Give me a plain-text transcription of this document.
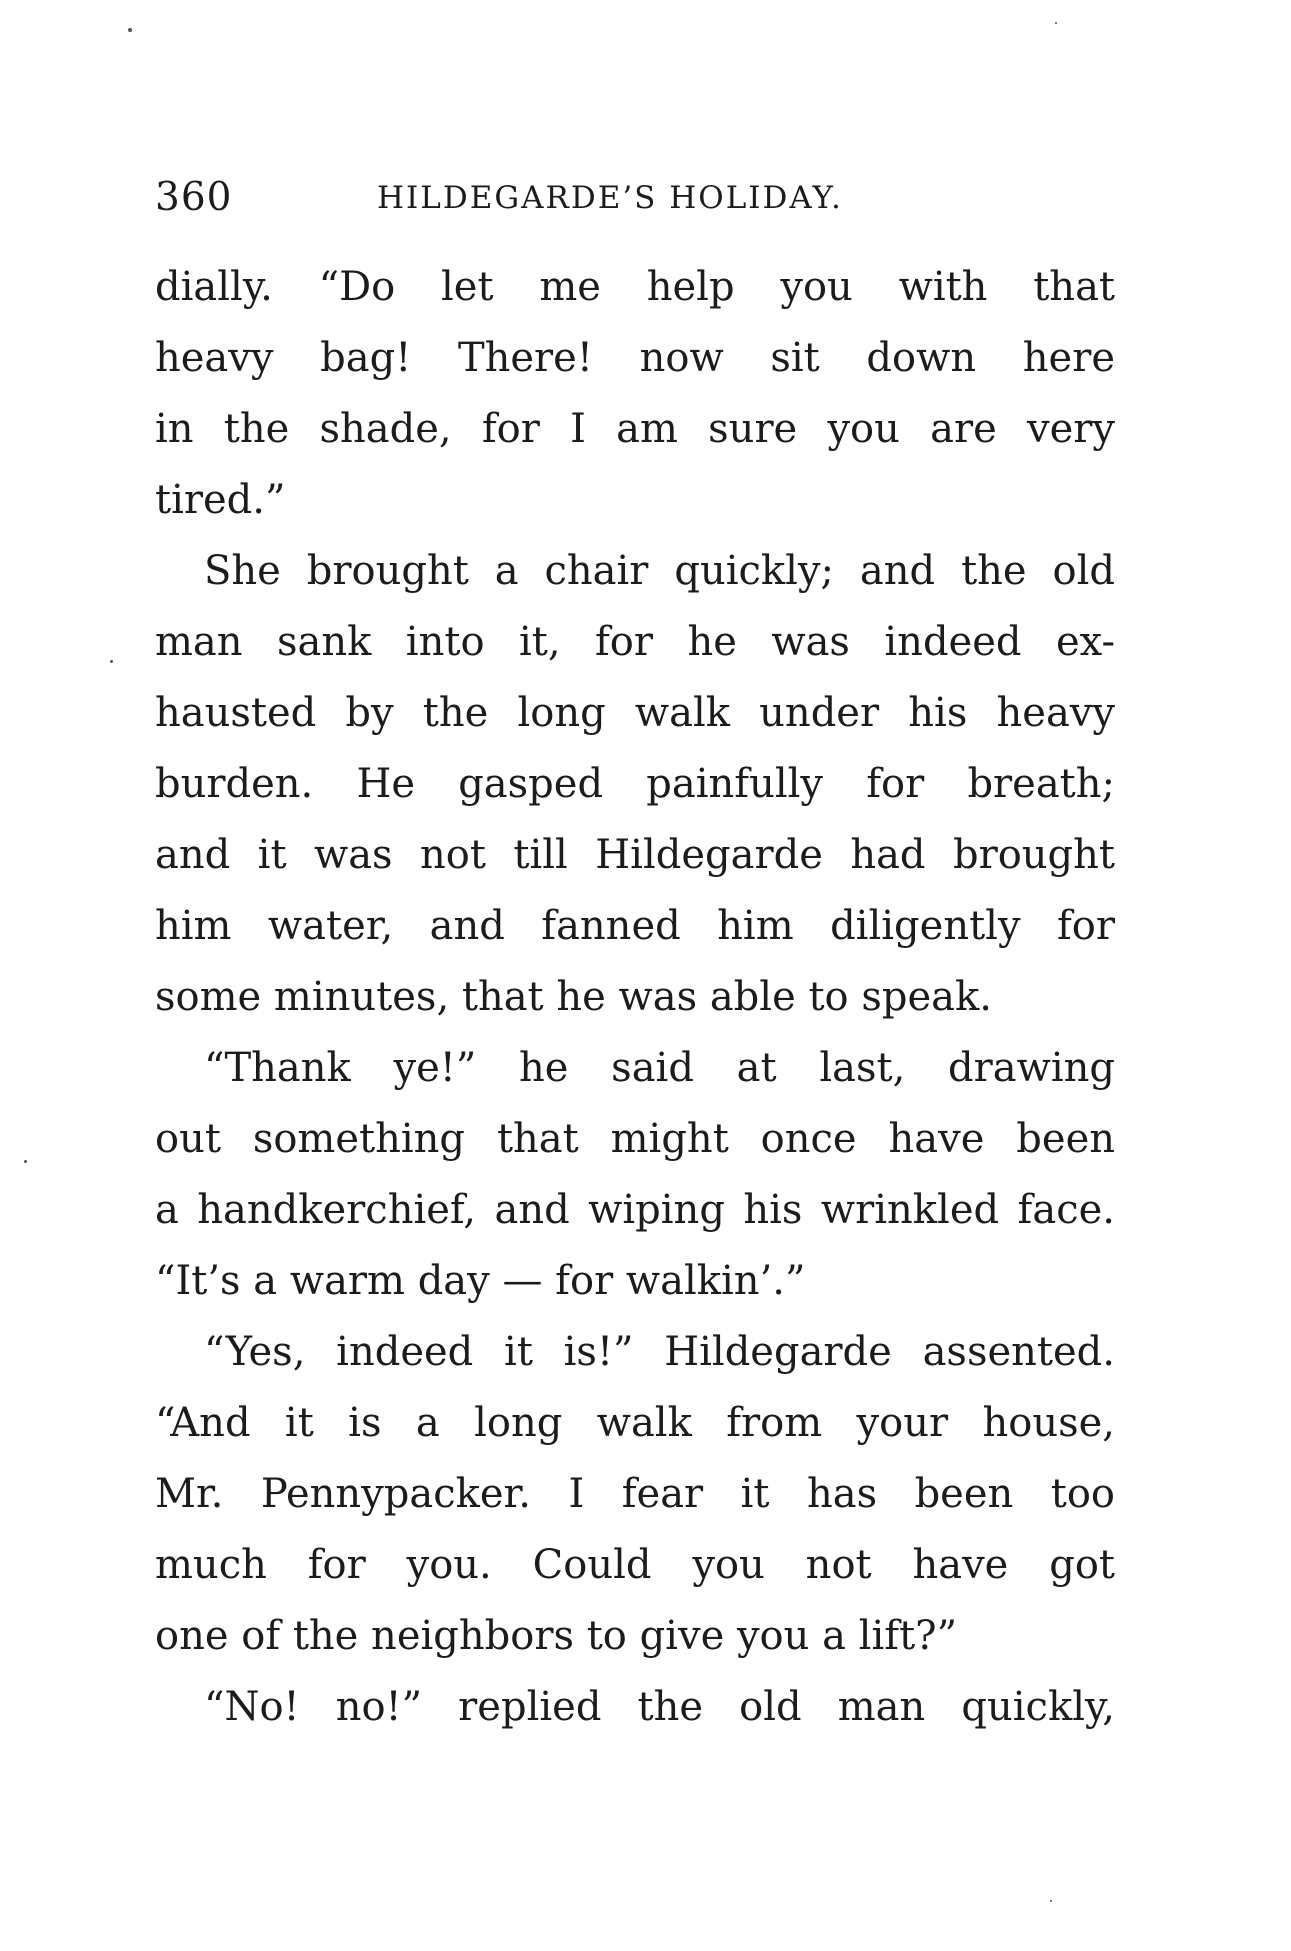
360	HILDEGARDE’S HOLIDAY.
dially. “Do let me help you with that
heavy bag! There! now sit down here
in the shade, for I am sure you are very
tired.”
She brought a chair quickly; and the old
man sank into it, for he was indeed ex-
hausted by the long walk under his heavy
burden. He gasped painfully for breath;
and it was not till Hildegarde had brought
him water, and fanned him diligently for
some minutes, that he was able to speak.
“Thank ye!” he said at last, drawing
out something that might once have been
a handkerchief, and wiping his wrinkled face.
“It’s a warm day — for walkin’.”
“Yes, indeed it is!” Hildegarde assented.
“And it is a long walk from your house,
Mr. Pennypacker. I fear it has been too
much for you. Could you not have got
one of the neighbors to give you a lift?”
“No! no!” replied the old man quickly,
